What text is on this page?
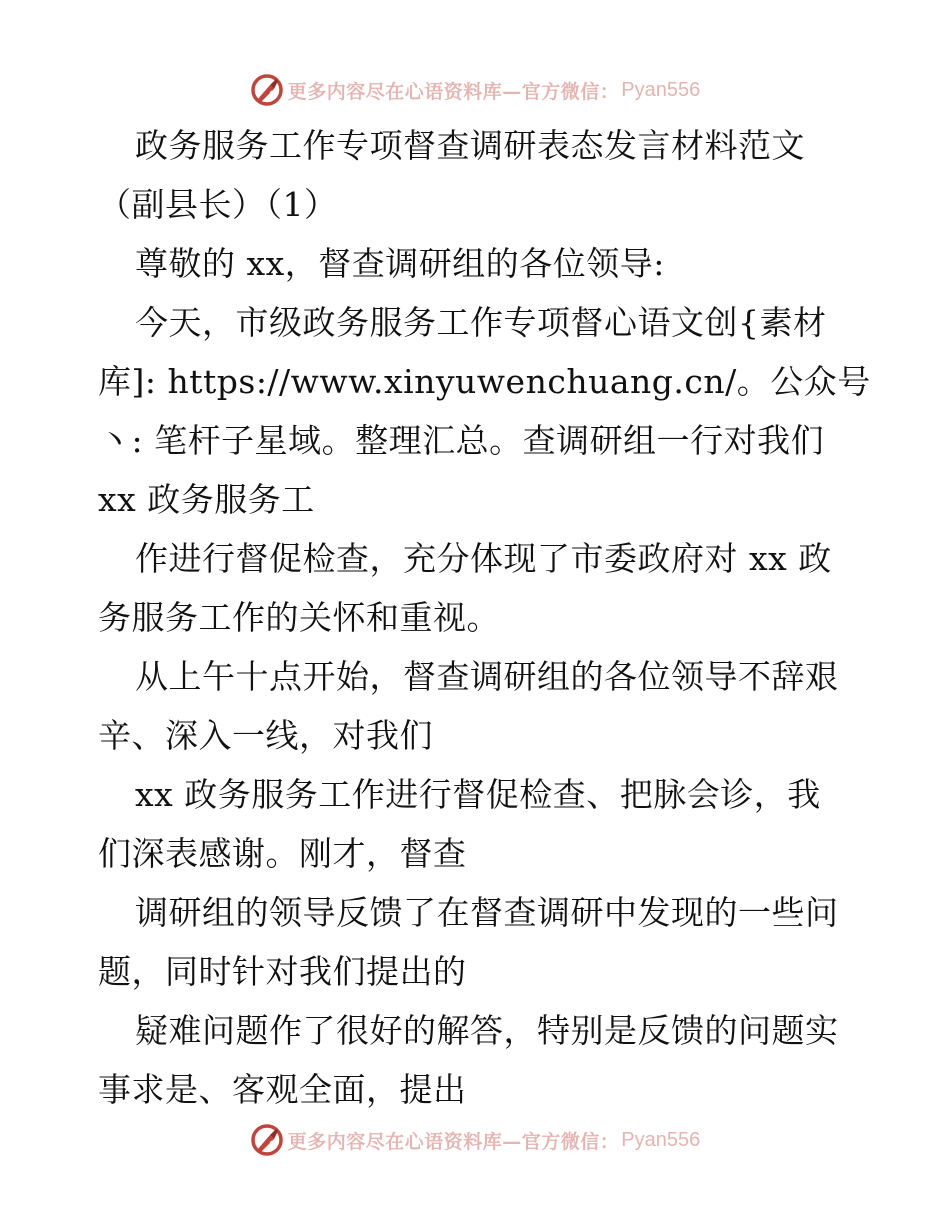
更多内容尽在心语资料库—官方微信： Pyan556
政务服务工作专项督查调研表态发言材料范文
（副县长）（1）
尊敬的 xx，督查调研组的各位领导:
今天，市级政务服务工作专项督心语文创{素材
库]: https://www.xinyuwenchuang.cn/。公众号
丶: 笔杆子星域。整理汇总。查调研组一行对我们
xx 政务服务工
作进行督促检查，充分体现了市委政府对 xx 政
务服务工作的关怀和重视。
从上午十点开始，督查调研组的各位领导不辞艰
辛、深入一线，对我们
xx 政务服务工作进行督促检查、把脉会诊，我
们深表感谢。刚才，督查
调研组的领导反馈了在督查调研中发现的一些问
题，同时针对我们提出的
疑难问题作了很好的解答，特别是反馈的问题实
事求是、客观全面，提出
更多内容尽在心语资料库—官方微信： Pyan556
